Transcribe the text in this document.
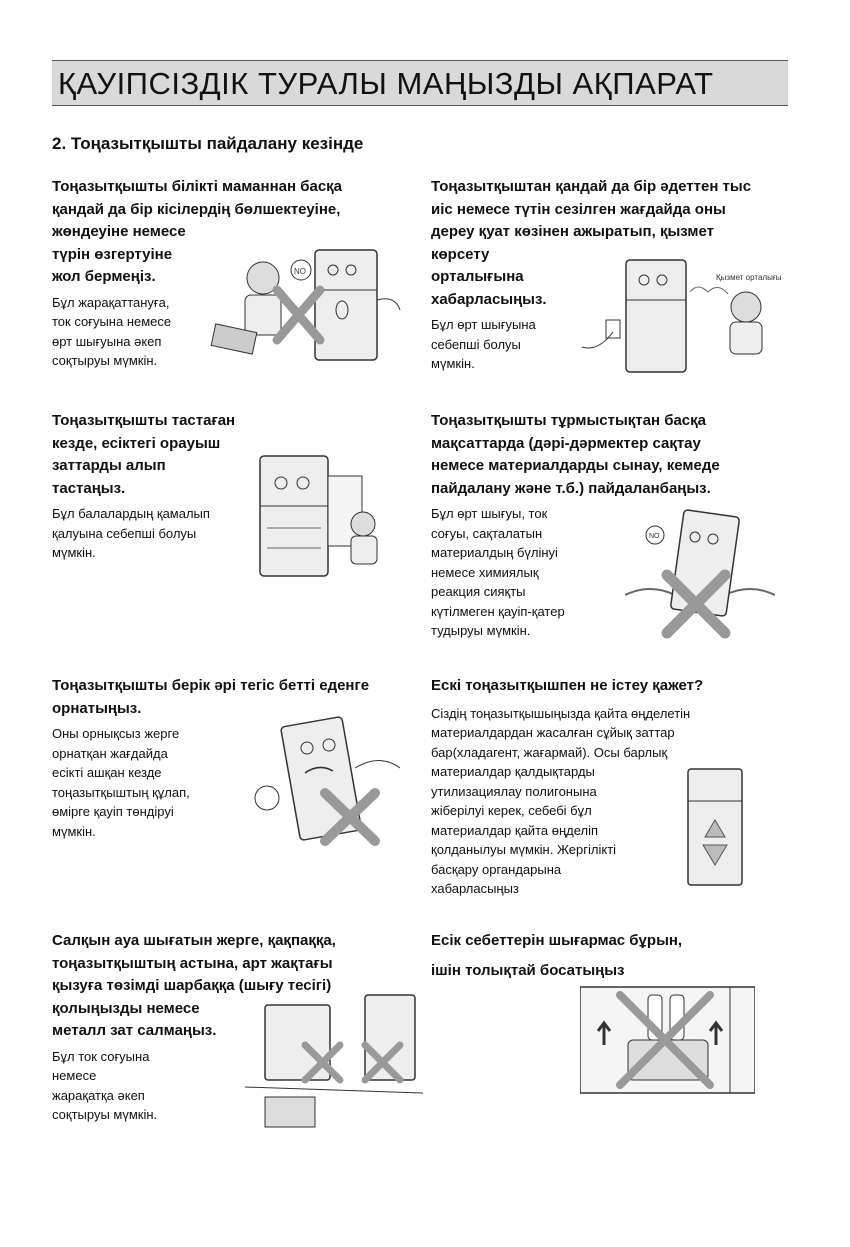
ҚАУІПСІЗДІК ТУРАЛЫ МАҢЫЗДЫ АҚПАРАТ
2. Тоңазытқышты пайдалану кезінде

Тоңазытқышты білікті маманнан басқа

қандай да бір кісілердің бөлшектеуіне,

жөндеуіне немесе

түрін өзгертуіне

жол бермеңіз.

Бұл жарақаттануға,
ток соғуына немесе
өрт шығуына әкеп
соқтыруы мүмкін.
NO

Тоңазытқыштан қандай да бір әдеттен тыс

иіс немесе түтін сезілген жағдайда оны

дереу қуат көзінен ажыратып, қызмет

көрсету

орталығына

хабарласыңыз.

Бұл өрт шығуына
себепші болуы
мүмкін.
Қызмет орталығы

Тоңазытқышты тастаған

кезде, есіктегі орауыш

заттарды алып

тастаңыз.

Бұл балалардың қамалып
қалуына себепші болуы
мүмкін.

Тоңазытқышты тұрмыстықтан басқа

мақсаттарда (дәрі-дәрмектер сақтау

немесе материалдарды сынау, кемеде

пайдалану және т.б.) пайдаланбаңыз.

Бұл өрт шығуы, ток
соғуы, сақталатын
материалдың бүлінуі
немесе химиялық
реакция сияқты
күтілмеген қауіп-қатер
тудыруы мүмкін.
NO

Тоңазытқышты берік әрі тегіс бетті еденге

орнатыңыз.

Оны орнықсыз жерге
орнатқан жағдайда
есікті ашқан кезде
тоңазытқыштың құлап,
өмірге қауіп төндіруі
мүмкін.

Ескі тоңазытқышпен не істеу қажет?

Сіздің тоңазытқышыңызда қайта өңделетін
материалдардан жасалған сұйық заттар
бар(хладагент, жағармай). Осы барлық
материалдар қалдықтарды
утилизациялау полигонына
жіберілуі керек, себебі бұл
материалдар қайта өңделіп
қолданылуы мүмкін. Жергілікті
басқару органдарына
хабарласыңыз

Салқын ауа шығатын жерге, қақпаққа,

тоңазытқыштың астына, арт жақтағы

қызуға төзімді шарбаққа (шығу тесігі)

қолыңызды немесе

металл зат салмаңыз.

Бұл ток соғуына
немесе
жарақатқа әкеп
соқтыруы мүмкін.

Есік себеттерін шығармас бұрын,

ішін толықтай босатыңыз
